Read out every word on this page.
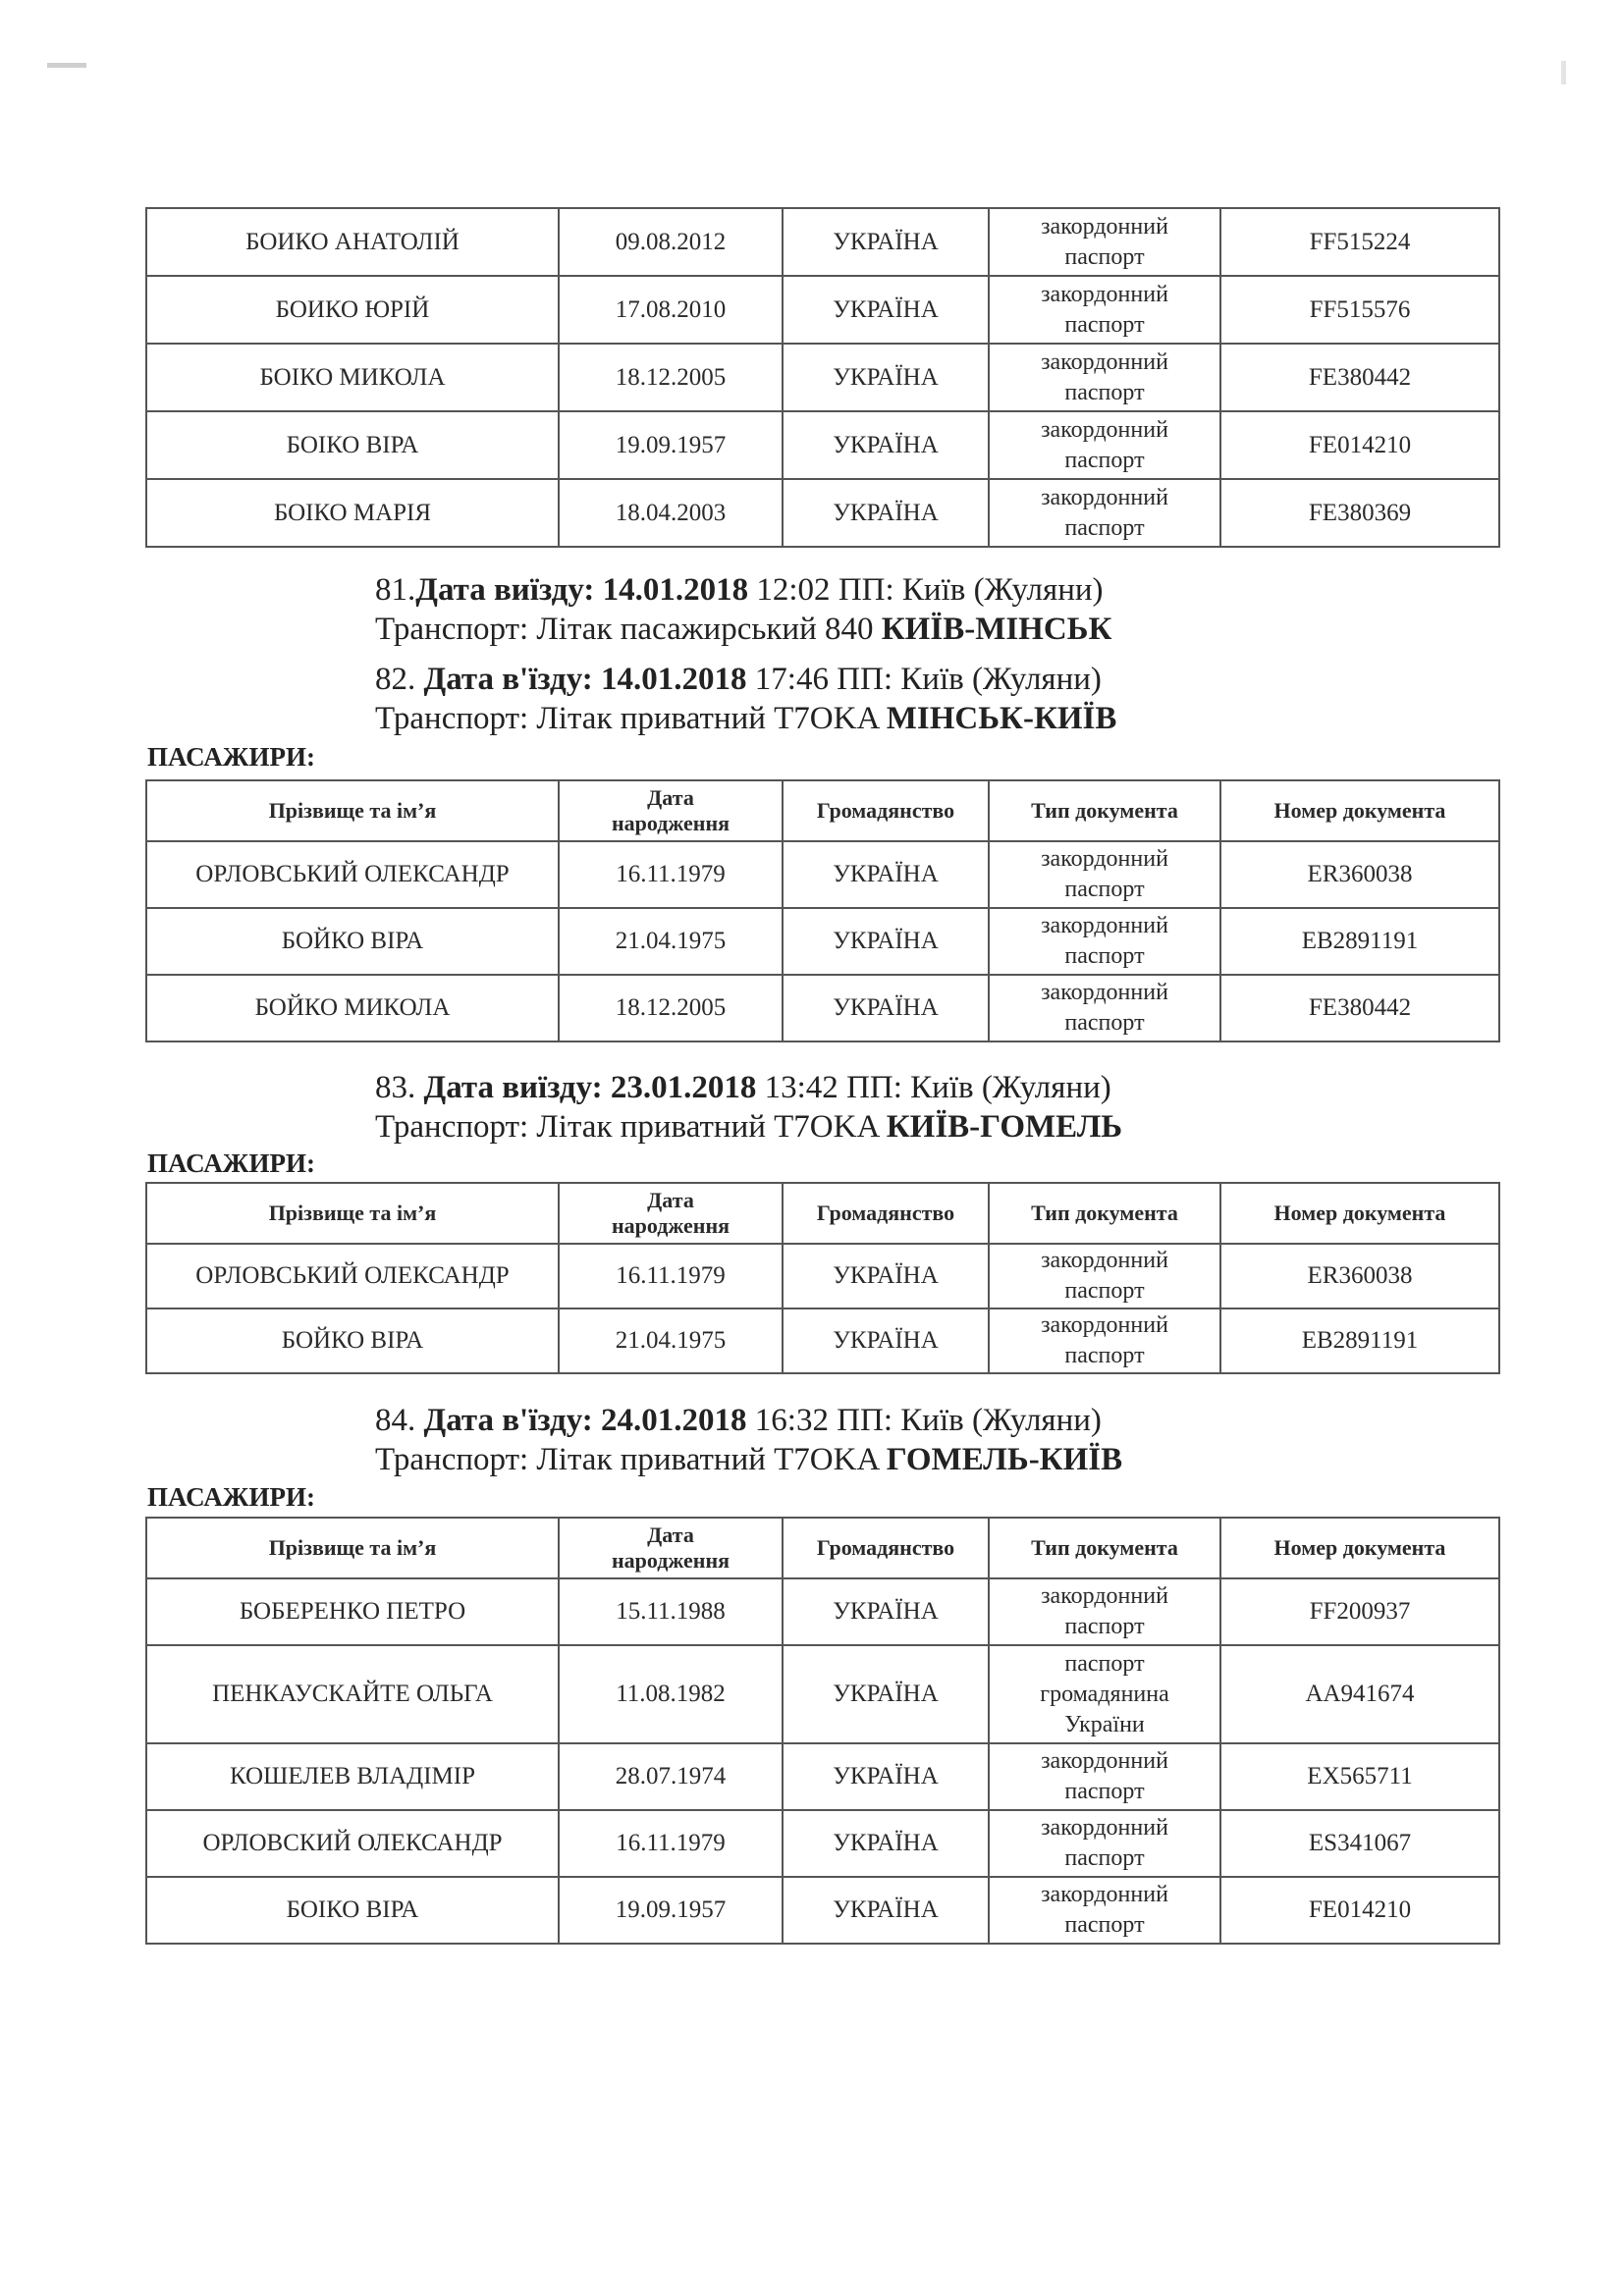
БОИКО АНАТОЛІЙ	09.08.2012	УКРАЇНА	закордонний паспорт	FF515224
БОИКО ЮРІЙ	17.08.2010	УКРАЇНА	закордонний паспорт	FF515576
БОІКО МИКОЛА	18.12.2005	УКРАЇНА	закордонний паспорт	FE380442
БОІКО ВІРА	19.09.1957	УКРАЇНА	закордонний паспорт	FE014210
БОІКО МАРІЯ	18.04.2003	УКРАЇНА	закордонний паспорт	FE380369
81.Дата виїзду: 14.01.2018 12:02 ПП: Київ (Жуляни)
Транспорт: Літак пасажирський 840 КИЇВ-МІНСЬК
82. Дата в'їзду: 14.01.2018 17:46 ПП: Київ (Жуляни)
Транспорт: Літак приватний T7OKA МІНСЬК-КИЇВ
ПАСАЖИРИ:
Прізвище та ім’я	Дата народження	Громадянство	Тип документа	Номер документа
ОРЛОВСЬКИЙ ОЛЕКСАНДР	16.11.1979	УКРАЇНА	закордонний паспорт	ER360038
БОЙКО ВІРА	21.04.1975	УКРАЇНА	закордонний паспорт	EB2891191
БОЙКО МИКОЛА	18.12.2005	УКРАЇНА	закордонний паспорт	FE380442
83. Дата виїзду: 23.01.2018 13:42 ПП: Київ (Жуляни)
Транспорт: Літак приватний T7OKA КИЇВ-ГОМЕЛЬ
ПАСАЖИРИ:
Прізвище та ім’я	Дата народження	Громадянство	Тип документа	Номер документа
ОРЛОВСЬКИЙ ОЛЕКСАНДР	16.11.1979	УКРАЇНА	закордонний паспорт	ER360038
БОЙКО ВІРА	21.04.1975	УКРАЇНА	закордонний паспорт	EB2891191
84. Дата в'їзду: 24.01.2018 16:32 ПП: Київ (Жуляни)
Транспорт: Літак приватний T7OKA ГОМЕЛЬ-КИЇВ
ПАСАЖИРИ:
Прізвище та ім’я	Дата народження	Громадянство	Тип документа	Номер документа
БОБЕРЕНКО ПЕТРО	15.11.1988	УКРАЇНА	закордонний паспорт	FF200937
ПЕНКАУСКАЙТЕ ОЛЬГА	11.08.1982	УКРАЇНА	паспорт громадянина України	AA941674
КОШЕЛЕВ ВЛАДІМІР	28.07.1974	УКРАЇНА	закордонний паспорт	EX565711
ОРЛОВСКИЙ ОЛЕКСАНДР	16.11.1979	УКРАЇНА	закордонний паспорт	ES341067
БОІКО ВІРА	19.09.1957	УКРАЇНА	закордонний паспорт	FE014210
